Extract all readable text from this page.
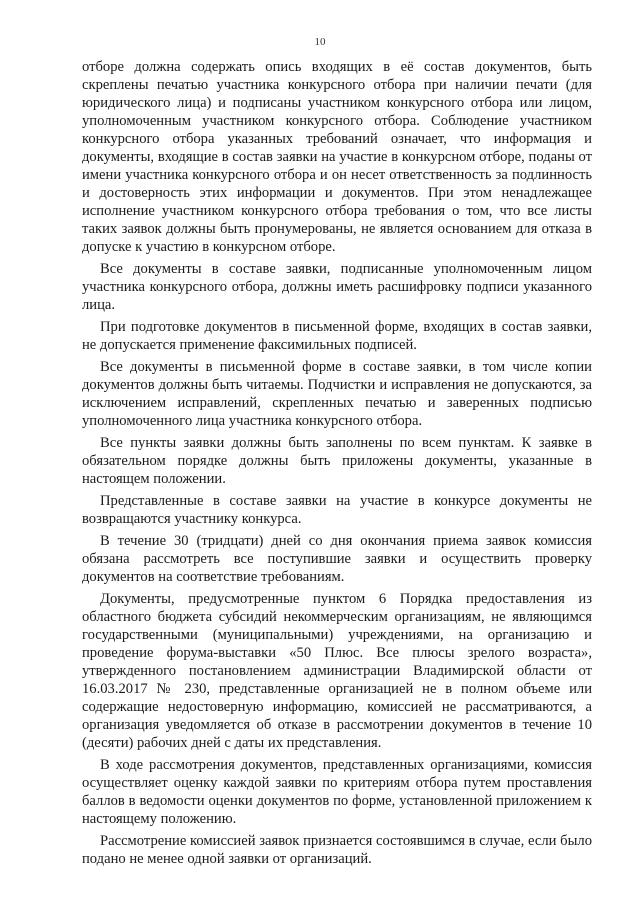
10

отборе должна содержать опись входящих в её состав документов, быть скреплены печатью участника конкурсного отбора при наличии печати (для юридического лица) и подписаны участником конкурсного отбора или лицом, уполномоченным участником конкурсного отбора. Соблюдение участником конкурсного отбора указанных требований означает, что информация и документы, входящие в состав заявки на участие в конкурсном отборе, поданы от имени участника конкурсного отбора и он несет ответственность за подлинность и достоверность этих информации и документов. При этом ненадлежащее исполнение участником конкурсного отбора требования о том, что все листы таких заявок должны быть пронумерованы, не является основанием для отказа в допуске к участию в конкурсном отборе.

Все документы в составе заявки, подписанные уполномоченным лицом участника конкурсного отбора, должны иметь расшифровку подписи указанного лица.

При подготовке документов в письменной форме, входящих в состав заявки, не допускается применение факсимильных подписей.

Все документы в письменной форме в составе заявки, в том числе копии документов должны быть читаемы. Подчистки и исправления не допускаются, за исключением исправлений, скрепленных печатью и заверенных подписью уполномоченного лица участника конкурсного отбора.

Все пункты заявки должны быть заполнены по всем пунктам. К заявке в обязательном порядке должны быть приложены документы, указанные в настоящем положении.

Представленные в составе заявки на участие в конкурсе документы не возвращаются участнику конкурса.

В течение 30 (тридцати) дней со дня окончания приема заявок комиссия обязана рассмотреть все поступившие заявки и осуществить проверку документов на соответствие требованиям.

Документы, предусмотренные пунктом 6 Порядка предоставления из областного бюджета субсидий некоммерческим организациям, не являющимся государственными (муниципальными) учреждениями, на организацию и проведение форума-выставки «50 Плюс. Все плюсы зрелого возраста», утвержденного постановлением администрации Владимирской области от 16.03.2017 № 230, представленные организацией не в полном объеме или содержащие недостоверную информацию, комиссией не рассматриваются, а организация уведомляется об отказе в рассмотрении документов в течение 10 (десяти) рабочих дней с даты их представления.

В ходе рассмотрения документов, представленных организациями, комиссия осуществляет оценку каждой заявки по критериям отбора путем проставления баллов в ведомости оценки документов по форме, установленной приложением к настоящему положению.

Рассмотрение комиссией заявок признается состоявшимся в случае, если было подано не менее одной заявки от организаций.
